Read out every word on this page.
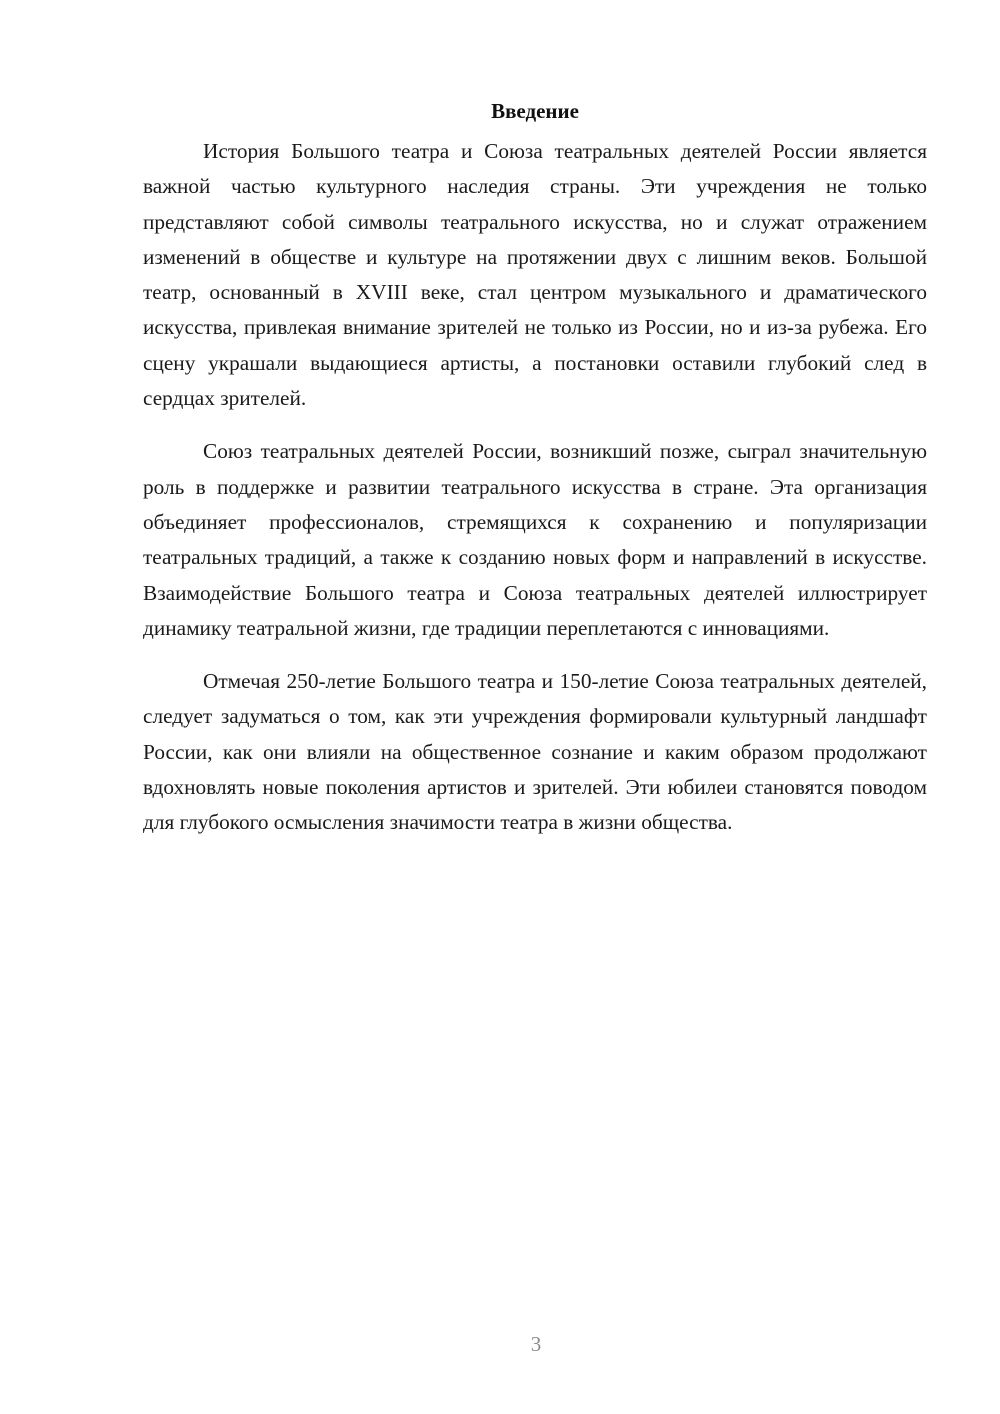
Введение

История Большого театра и Союза театральных деятелей России является важной частью культурного наследия страны. Эти учреждения не только представляют собой символы театрального искусства, но и служат отражением изменений в обществе и культуре на протяжении двух с лишним веков. Большой театр, основанный в XVIII веке, стал центром музыкального и драматического искусства, привлекая внимание зрителей не только из России, но и из-за рубежа. Его сцену украшали выдающиеся артисты, а постановки оставили глубокий след в сердцах зрителей.

Союз театральных деятелей России, возникший позже, сыграл значительную роль в поддержке и развитии театрального искусства в стране. Эта организация объединяет профессионалов, стремящихся к сохранению и популяризации театральных традиций, а также к созданию новых форм и направлений в искусстве. Взаимодействие Большого театра и Союза театральных деятелей иллюстрирует динамику театральной жизни, где традиции переплетаются с инновациями.

Отмечая 250-летие Большого театра и 150-летие Союза театральных деятелей, следует задуматься о том, как эти учреждения формировали культурный ландшафт России, как они влияли на общественное сознание и каким образом продолжают вдохновлять новые поколения артистов и зрителей. Эти юбилеи становятся поводом для глубокого осмысления значимости театра в жизни общества.

3
